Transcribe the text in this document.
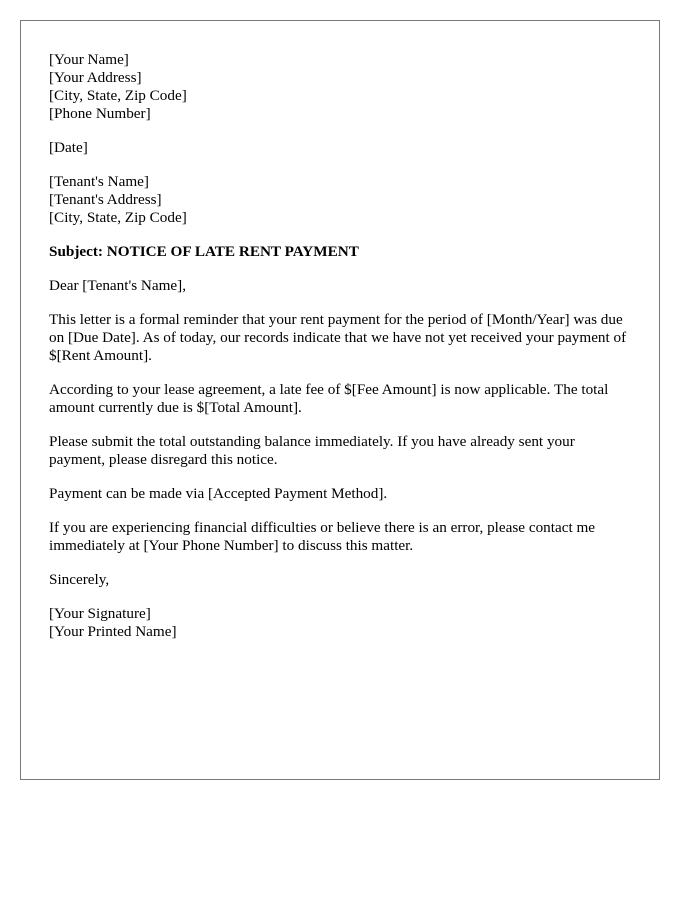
[Your Name]
[Your Address]
[City, State, Zip Code]
[Phone Number]
[Date]
[Tenant's Name]
[Tenant's Address]
[City, State, Zip Code]
Subject: NOTICE OF LATE RENT PAYMENT
Dear [Tenant's Name],
This letter is a formal reminder that your rent payment for the period of [Month/Year] was due on [Due Date]. As of today, our records indicate that we have not yet received your payment of $[Rent Amount].
According to your lease agreement, a late fee of $[Fee Amount] is now applicable. The total amount currently due is $[Total Amount].
Please submit the total outstanding balance immediately. If you have already sent your payment, please disregard this notice.
Payment can be made via [Accepted Payment Method].
If you are experiencing financial difficulties or believe there is an error, please contact me immediately at [Your Phone Number] to discuss this matter.
Sincerely,
[Your Signature]
[Your Printed Name]
